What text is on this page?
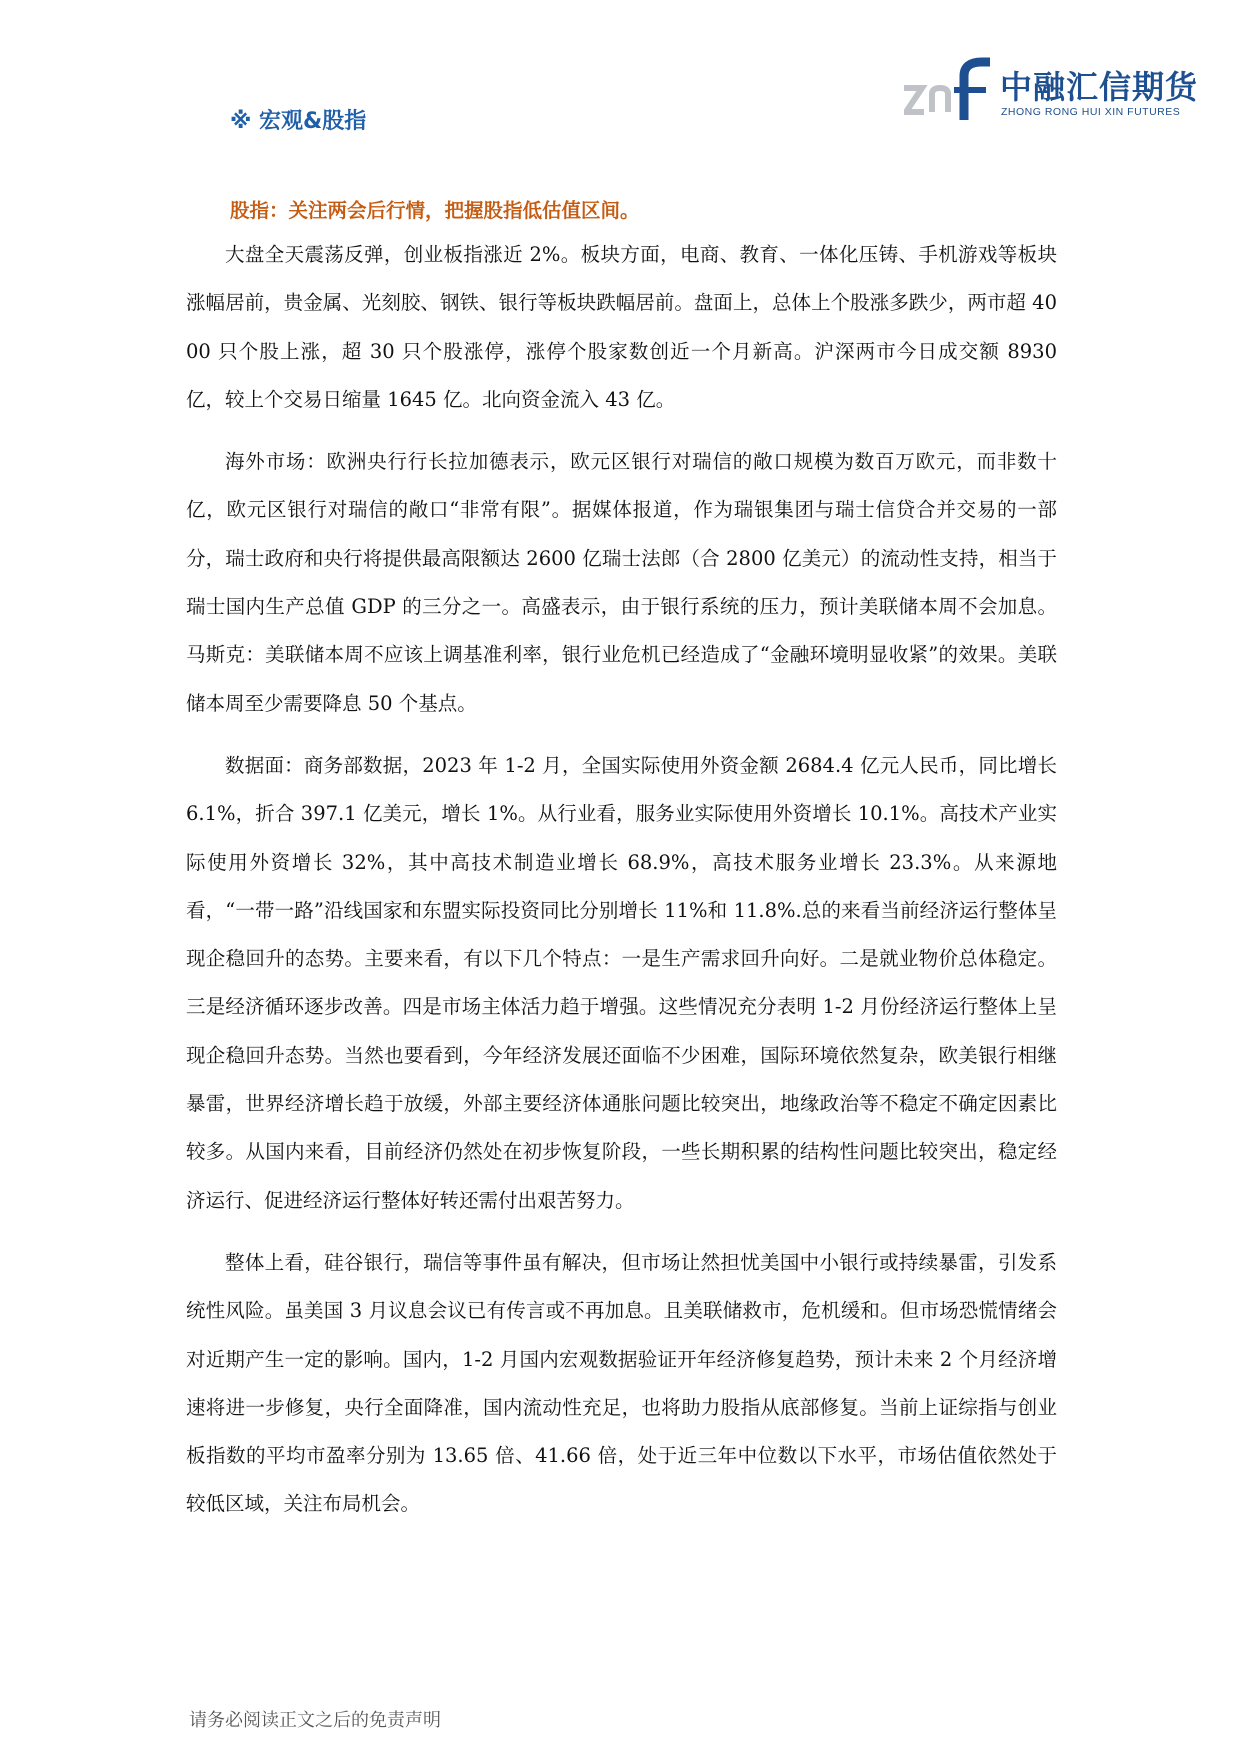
中融汇信期货
ZHONG RONG HUI XIN FUTURES
※ 宏观&股指
股指：关注两会后行情，把握股指低估值区间。

大盘全天震荡反弹，创业板指涨近 2%。板块方面，电商、教育、一体化压铸、手机游戏等板块涨幅居前，贵金属、光刻胶、钢铁、银行等板块跌幅居前。盘面上，总体上个股涨多跌少，两市超 4000 只个股上涨，超 30 只个股涨停，涨停个股家数创近一个月新高。沪深两市今日成交额 8930 亿，较上个交易日缩量 1645 亿。北向资金流入 43 亿。

海外市场：欧洲央行行长拉加德表示，欧元区银行对瑞信的敞口规模为数百万欧元，而非数十亿，欧元区银行对瑞信的敞口“非常有限”。据媒体报道，作为瑞银集团与瑞士信贷合并交易的一部分，瑞士政府和央行将提供最高限额达 2600 亿瑞士法郎（合 2800 亿美元）的流动性支持，相当于瑞士国内生产总值 GDP 的三分之一。高盛表示，由于银行系统的压力，预计美联储本周不会加息。马斯克：美联储本周不应该上调基准利率，银行业危机已经造成了“金融环境明显收紧”的效果。美联储本周至少需要降息 50 个基点。

数据面：商务部数据，2023 年 1-2 月，全国实际使用外资金额 2684.4 亿元人民币，同比增长 6.1%，折合 397.1 亿美元，增长 1%。从行业看，服务业实际使用外资增长 10.1%。高技术产业实际使用外资增长 32%，其中高技术制造业增长 68.9%，高技术服务业增长 23.3%。从来源地看，“一带一路”沿线国家和东盟实际投资同比分别增长 11%和 11.8%.总的来看当前经济运行整体呈现企稳回升的态势。主要来看，有以下几个特点：一是生产需求回升向好。二是就业物价总体稳定。三是经济循环逐步改善。四是市场主体活力趋于增强。这些情况充分表明 1-2 月份经济运行整体上呈现企稳回升态势。当然也要看到，今年经济发展还面临不少困难，国际环境依然复杂，欧美银行相继暴雷，世界经济增长趋于放缓，外部主要经济体通胀问题比较突出，地缘政治等不稳定不确定因素比较多。从国内来看，目前经济仍然处在初步恢复阶段，一些长期积累的结构性问题比较突出，稳定经济运行、促进经济运行整体好转还需付出艰苦努力。

整体上看，硅谷银行，瑞信等事件虽有解决，但市场让然担忧美国中小银行或持续暴雷，引发系统性风险。虽美国 3 月议息会议已有传言或不再加息。且美联储救市，危机缓和。但市场恐慌情绪会对近期产生一定的影响。国内，1-2 月国内宏观数据验证开年经济修复趋势，预计未来 2 个月经济增速将进一步修复，央行全面降准，国内流动性充足，也将助力股指从底部修复。当前上证综指与创业板指数的平均市盈率分别为 13.65 倍、41.66 倍，处于近三年中位数以下水平，市场估值依然处于较低区域，关注布局机会。

请务必阅读正文之后的免责声明
